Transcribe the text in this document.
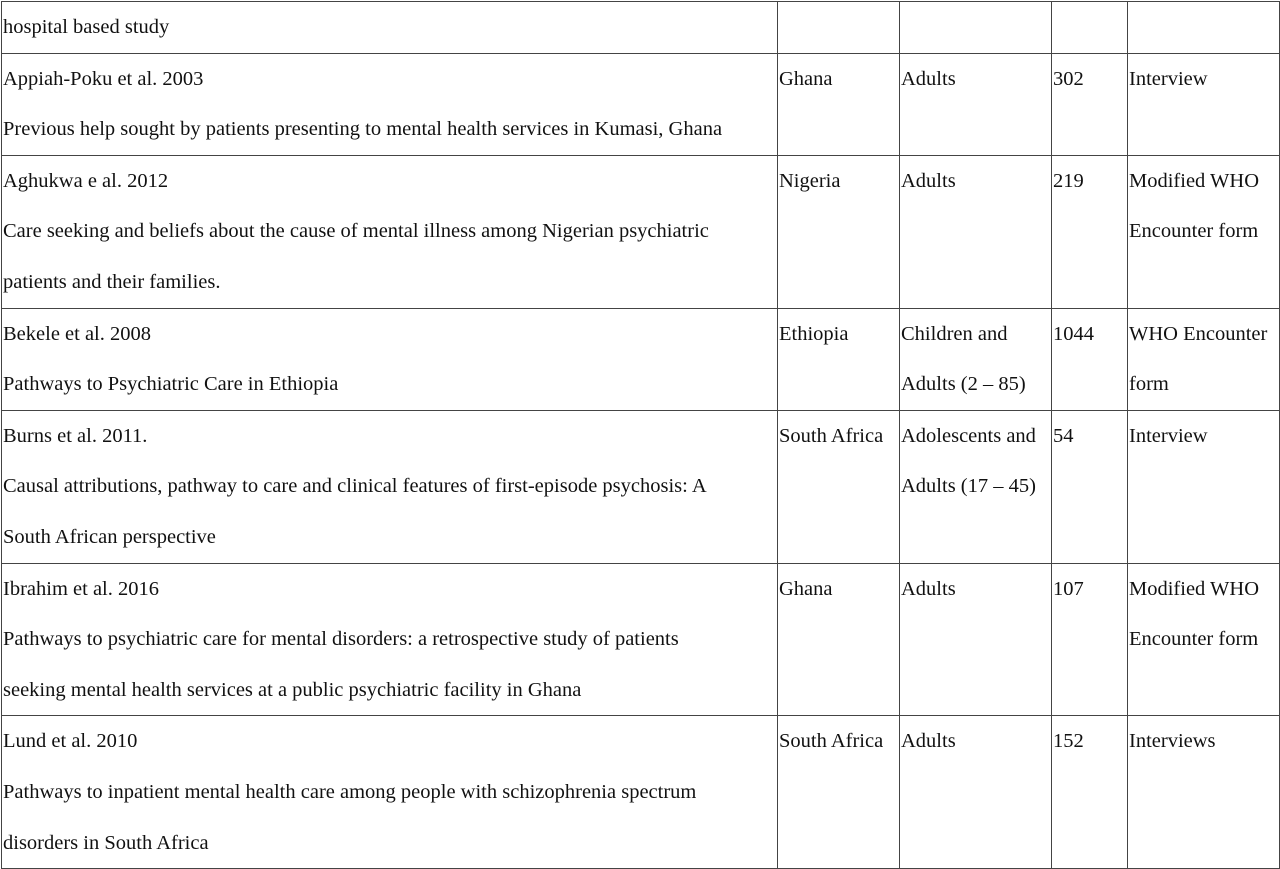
hospital based study				

Appiah-Poku et al. 2003
Previous help sought by patients presenting to mental health services in Kumasi, Ghana	Ghana	Adults	302	Interview

Aghukwa e al. 2012
Care seeking and beliefs about the cause of mental illness among Nigerian psychiatric
patients and their families.	Nigeria	Adults	219	Modified WHO
Encounter form

Bekele et al. 2008
Pathways to Psychiatric Care in Ethiopia	Ethiopia	Children and
Adults (2 – 85)	1044	WHO Encounter
form

Burns et al. 2011.
Causal attributions, pathway to care and clinical features of first-episode psychosis: A
South African perspective	South Africa	Adolescents and
Adults (17 – 45)	54	Interview

Ibrahim et al. 2016
Pathways to psychiatric care for mental disorders: a retrospective study of patients
seeking mental health services at a public psychiatric facility in Ghana	Ghana	Adults	107	Modified WHO
Encounter form

Lund et al. 2010
Pathways to inpatient mental health care among people with schizophrenia spectrum
disorders in South Africa	South Africa	Adults	152	Interviews
